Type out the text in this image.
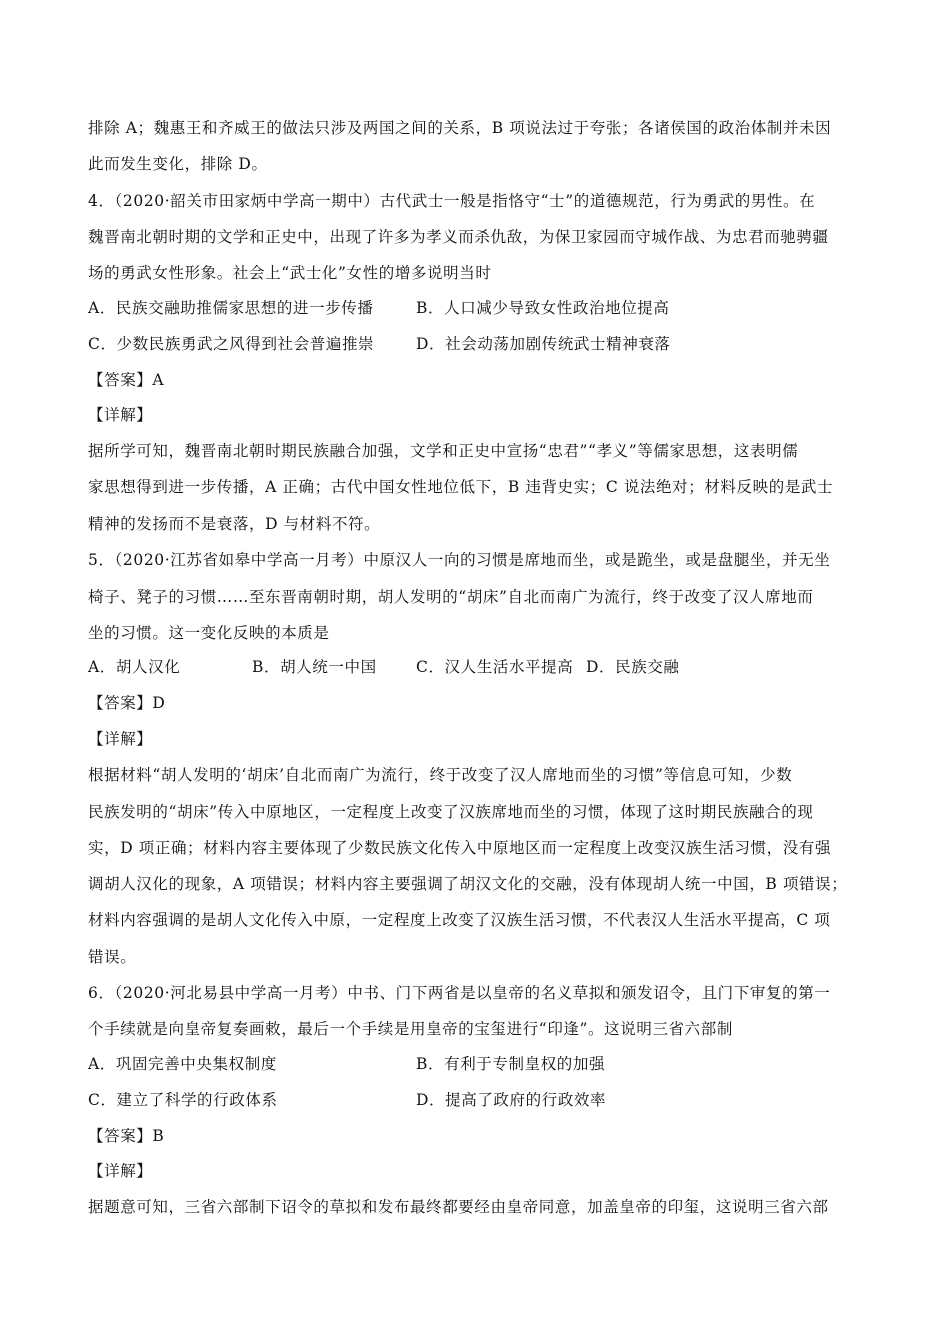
排除 A；魏惠王和齐威王的做法只涉及两国之间的关系，B 项说法过于夸张；各诸侯国的政治体制并未因
此而发生变化，排除 D。
4．（2020·韶关市田家炳中学高一期中）古代武士一般是指恪守“士”的道德规范，行为勇武的男性。在
魏晋南北朝时期的文学和正史中，出现了许多为孝义而杀仇敌，为保卫家园而守城作战、为忠君而驰骋疆
场的勇武女性形象。社会上“武士化”女性的增多说明当时
A．民族交融助推儒家思想的进一步传播	B．人口减少导致女性政治地位提高
C．少数民族勇武之风得到社会普遍推崇	D．社会动荡加剧传统武士精神衰落
【答案】A
【详解】
据所学可知，魏晋南北朝时期民族融合加强，文学和正史中宣扬“忠君”“孝义”等儒家思想，这表明儒
家思想得到进一步传播，A 正确；古代中国女性地位低下，B 违背史实；C 说法绝对；材料反映的是武士
精神的发扬而不是衰落，D 与材料不符。
5．（2020·江苏省如皋中学高一月考）中原汉人一向的习惯是席地而坐，或是跪坐，或是盘腿坐，并无坐
椅子、凳子的习惯……至东晋南朝时期，胡人发明的“胡床”自北而南广为流行，终于改变了汉人席地而
坐的习惯。这一变化反映的本质是
A．胡人汉化	B．胡人统一中国	C．汉人生活水平提高 D．民族交融
【答案】D
【详解】
根据材料“胡人发明的‘胡床’自北而南广为流行，终于改变了汉人席地而坐的习惯”等信息可知，少数
民族发明的“胡床”传入中原地区，一定程度上改变了汉族席地而坐的习惯，体现了这时期民族融合的现
实，D 项正确；材料内容主要体现了少数民族文化传入中原地区而一定程度上改变汉族生活习惯，没有强
调胡人汉化的现象，A 项错误；材料内容主要强调了胡汉文化的交融，没有体现胡人统一中国，B 项错误；
材料内容强调的是胡人文化传入中原，一定程度上改变了汉族生活习惯，不代表汉人生活水平提高，C 项
错误。
6．（2020·河北易县中学高一月考）中书、门下两省是以皇帝的名义草拟和颁发诏令，且门下审复的第一
个手续就是向皇帝复奏画敕，最后一个手续是用皇帝的宝玺进行“印逢”。这说明三省六部制
A．巩固完善中央集权制度	B．有利于专制皇权的加强
C．建立了科学的行政体系	D．提高了政府的行政效率
【答案】B
【详解】
据题意可知，三省六部制下诏令的草拟和发布最终都要经由皇帝同意，加盖皇帝的印玺，这说明三省六部
